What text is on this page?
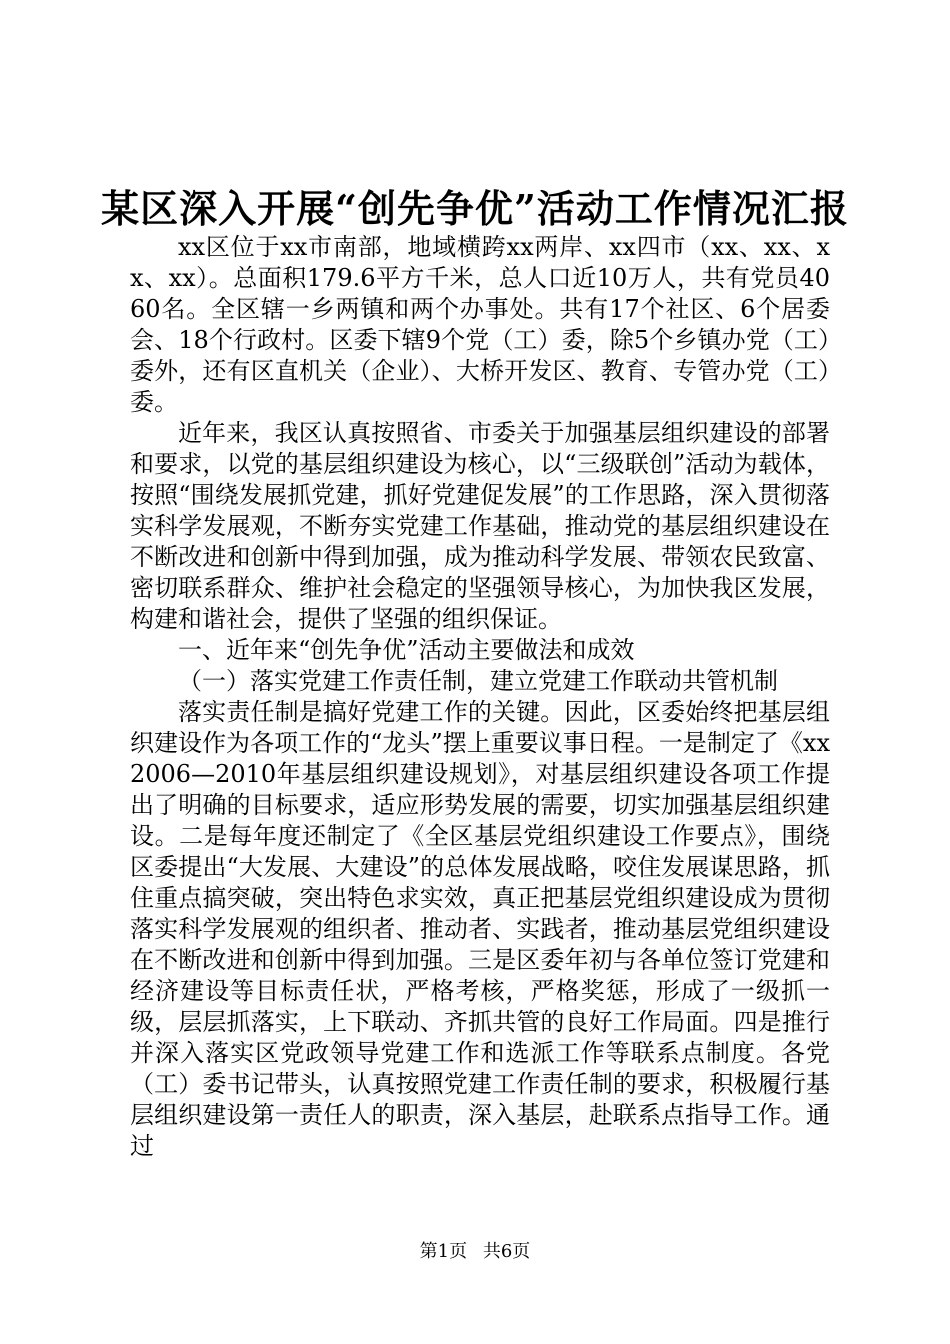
某区深入开展“创先争优”活动工作情况汇报

xx区位于xx市南部，地域横跨xx两岸、xx四市（xx、xx、xx、xx）。总面积179.6平方千米，总人口近10万人，共有党员4060名。全区辖一乡两镇和两个办事处。共有17个社区、6个居委会、18个行政村。区委下辖9个党（工）委，除5个乡镇办党（工）委外，还有区直机关（企业）、大桥开发区、教育、专管办党（工）委。

近年来，我区认真按照省、市委关于加强基层组织建设的部署和要求，以党的基层组织建设为核心，以“三级联创”活动为载体，按照“围绕发展抓党建，抓好党建促发展”的工作思路，深入贯彻落实科学发展观，不断夯实党建工作基础，推动党的基层组织建设在不断改进和创新中得到加强，成为推动科学发展、带领农民致富、密切联系群众、维护社会稳定的坚强领导核心，为加快我区发展，构建和谐社会，提供了坚强的组织保证。

一、近年来“创先争优”活动主要做法和成效

（一）落实党建工作责任制，建立党建工作联动共管机制

落实责任制是搞好党建工作的关键。因此，区委始终把基层组织建设作为各项工作的“龙头”摆上重要议事日程。一是制定了《xx2006—2010年基层组织建设规划》，对基层组织建设各项工作提出了明确的目标要求，适应形势发展的需要，切实加强基层组织建设。二是每年度还制定了《全区基层党组织建设工作要点》，围绕区委提出“大发展、大建设”的总体发展战略，咬住发展谋思路，抓住重点搞突破，突出特色求实效，真正把基层党组织建设成为贯彻落实科学发展观的组织者、推动者、实践者，推动基层党组织建设在不断改进和创新中得到加强。三是区委年初与各单位签订党建和经济建设等目标责任状，严格考核，严格奖惩，形成了一级抓一级，层层抓落实，上下联动、齐抓共管的良好工作局面。四是推行并深入落实区党政领导党建工作和选派工作等联系点制度。各党（工）委书记带头，认真按照党建工作责任制的要求，积极履行基层组织建设第一责任人的职责，深入基层，赴联系点指导工作。通过

第1页 共6页
